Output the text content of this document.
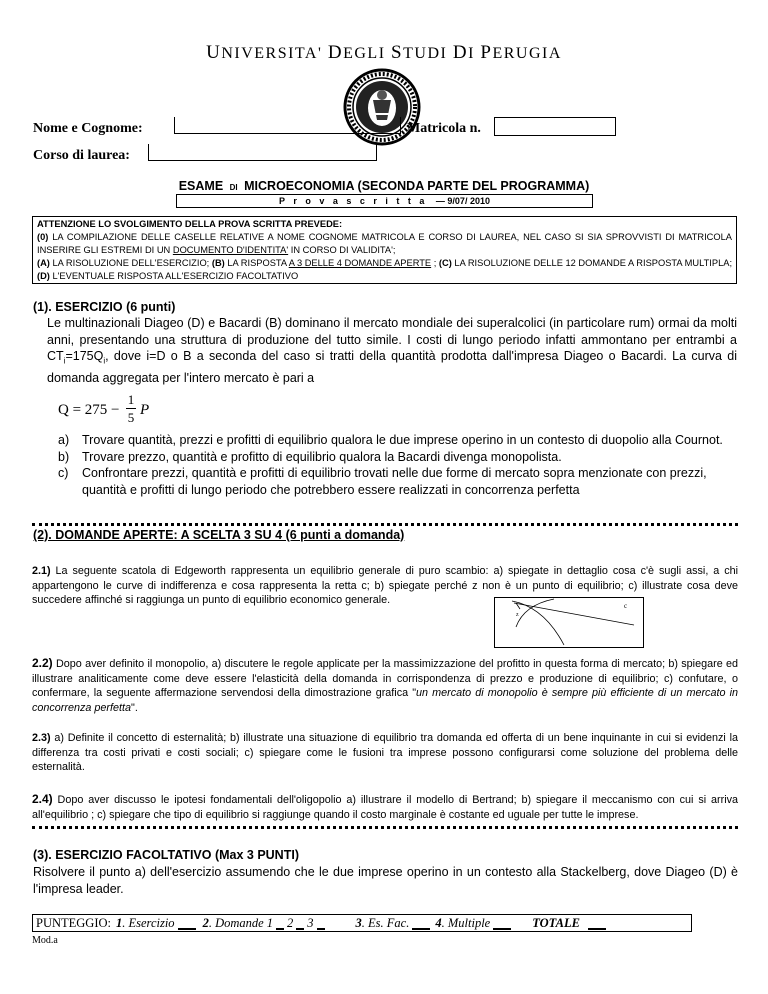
UNIVERSITA' DEGLI STUDI DI PERUGIA
Nome e Cognome:	Matricola n.
Corso di laurea:
ESAME DI MICROECONOMIA (SECONDA PARTE DEL PROGRAMMA)
P r o v a s c r i t t a — 9/07/ 2010
ATTENZIONE LO SVOLGIMENTO DELLA PROVA SCRITTA PREVEDE:
(0) LA COMPILAZIONE DELLE CASELLE RELATIVE A NOME COGNOME MATRICOLA E CORSO DI LAUREA, NEL CASO SI SIA SPROVVISTI DI MATRICOLA INSERIRE GLI ESTREMI DI UN DOCUMENTO D'IDENTITA' IN CORSO DI VALIDITA';
(A) LA RISOLUZIONE DELL'ESERCIZIO; (B) LA RISPOSTA A 3 DELLE 4 DOMANDE APERTE ; (C) LA RISOLUZIONE DELLE 12 DOMANDE A RISPOSTA MULTIPLA; (D) L'EVENTUALE RISPOSTA ALL'ESERCIZIO FACOLTATIVO
(1). ESERCIZIO (6 punti)
Le multinazionali Diageo (D) e Bacardi (B) dominano il mercato mondiale dei superalcolici (in particolare rum) ormai da molti anni, presentando una struttura di produzione del tutto simile. I costi di lungo periodo infatti ammontano per entrambi a $CT_i=175Q_i$, dove i=D o B a seconda del caso si tratti della quantità prodotta dall'impresa Diageo o Bacardi. La curva di domanda aggregata per l'intero mercato è pari a
Q = 275 −
1
5 P
a)	Trovare quantità, prezzi e profitti di equilibrio qualora le due imprese operino in un contesto di duopolio alla Cournot.
b)	Trovare prezzo, quantità e profitto di equilibrio qualora la Bacardi divenga monopolista.
c)	Confrontare prezzi, quantità e profitti di equilibrio trovati nelle due forme di mercato sopra menzionate con prezzi, quantità e profitti di lungo periodo che potrebbero essere realizzati in concorrenza perfetta
(2). DOMANDE APERTE: A SCELTA 3 SU 4 (6 punti a domanda)
2.1) La seguente scatola di Edgeworth rappresenta un equilibrio generale di puro scambio: a) spiegate in dettaglio cosa c'è sugli assi, a chi appartengono le curve di indifferenza e cosa rappresenta la retta c; b) spiegate perché z non è un punto di equilibrio; c) illustrate cosa deve succedere affinché si raggiunga un punto di equilibrio economico generale.	c
z
2.2) Dopo aver definito il monopolio, a) discutere le regole applicate per la massimizzazione del profitto in questa forma di mercato; b) spiegare ed illustrare analiticamente come deve essere l'elasticità della domanda in corrispondenza di prezzo e produzione di equilibrio; c) confutare, o confermare, la seguente affermazione servendosi della dimostrazione grafica "un mercato di monopolio è sempre più efficiente di un mercato in concorrenza perfetta".
2.3) a) Definite il concetto di esternalità; b) illustrate una situazione di equilibrio tra domanda ed offerta di un bene inquinante in cui si evidenzi la differenza tra costi privati e costi sociali; c) spiegare come le fusioni tra imprese possono configurarsi come soluzione del problema delle esternalità.
2.4) Dopo aver discusso le ipotesi fondamentali dell'oligopolio a) illustrare il modello di Bertrand; b) spiegare il meccanismo con cui si arriva all'equilibrio ; c) spiegare che tipo di equilibrio si raggiunge quando il costo marginale è costante ed uguale per tutte le imprese.
(3). ESERCIZIO FACOLTATIVO (Max 3 PUNTI)
Risolvere il punto a) dell'esercizio assumendo che le due imprese operino in un contesto alla Stackelberg, dove Diageo (D) è l'impresa leader.
PUNTEGGIO: 1. Esercizio 2. Domande 1 2 3	3. Es. Fac. 4. Multiple	TOTALE
Mod.a
